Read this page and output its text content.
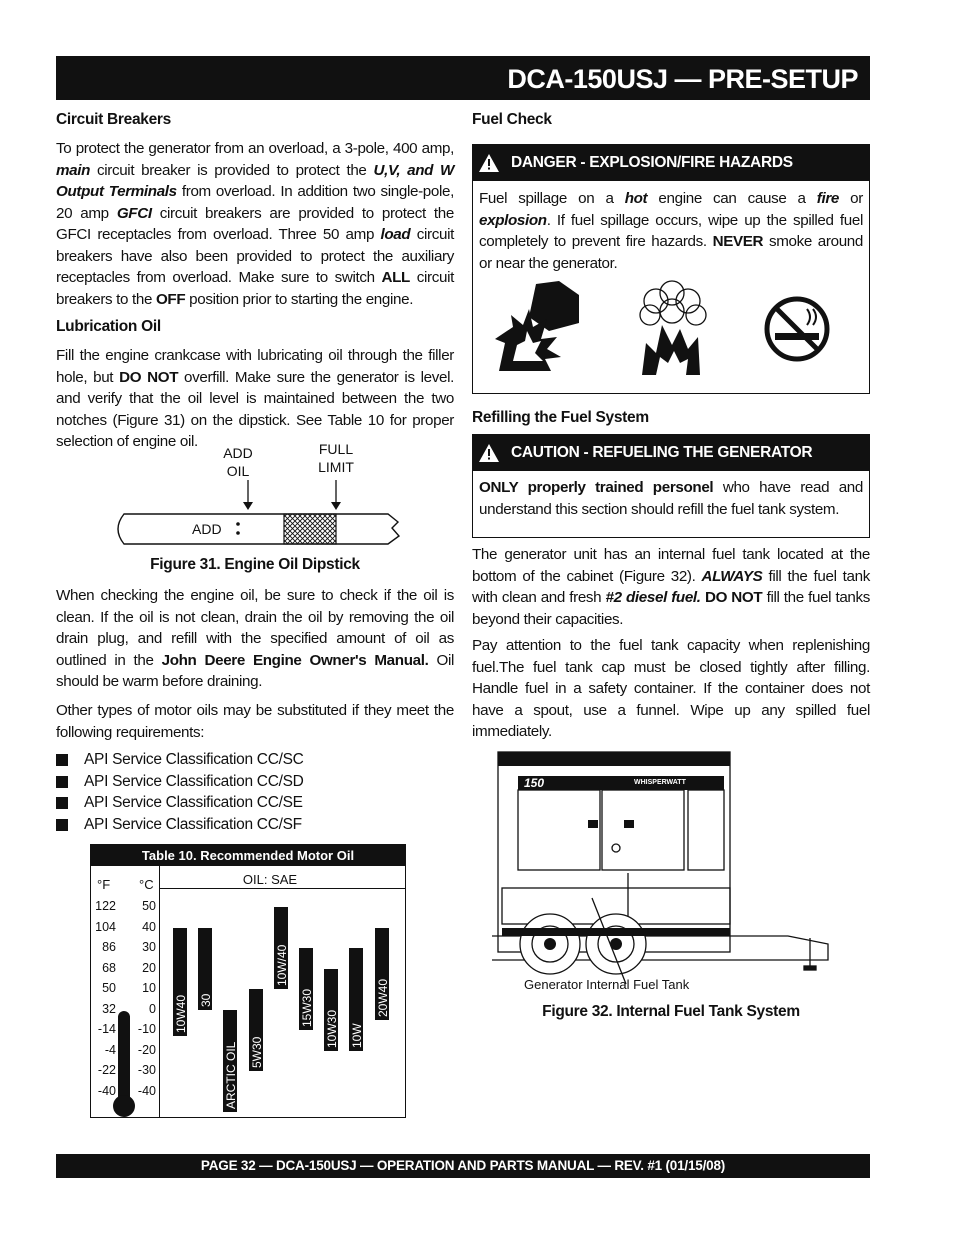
DCA-150USJ — PRE-SETUP
Circuit Breakers
To protect the generator from an overload, a 3-pole, 400 amp, main circuit breaker is provided to protect the U,V, and W Output Terminals from overload. In addition two single-pole, 20 amp GFCI circuit breakers are provided to protect the GFCI receptacles from overload. Three 50 amp load circuit breakers have also been provided to protect the auxiliary receptacles from overload. Make sure to switch ALL circuit breakers to the OFF position prior to starting the engine.
Lubrication Oil
Fill the engine crankcase with lubricating oil through the filler hole, but DO NOT overfill. Make sure the generator is level. and verify that the oil level is maintained between the two notches (Figure 31) on the dipstick. See Table 10 for proper selection of engine oil.
ADD
OIL
FULL
LIMIT
ADD
Figure 31. Engine Oil Dipstick
When checking the engine oil, be sure to check if the oil is clean. If the oil is not clean, drain the oil by removing the oil drain plug, and refill with the specified amount of oil as outlined in the John Deere Engine Owner's Manual. Oil should be warm before draining.
Other types of motor oils may be substituted if they meet the following requirements:
API Service Classification CC/SC
API Service Classification CC/SD
API Service Classification CC/SE
API Service Classification CC/SF
Table 10. Recommended Motor Oil
°F °C	OIL: SAE
122
104
86
68
50
32
-14
-4
-22
-40
50
40
30
20
10
0
-10
-20
-30
-40
10W40 30
ARCTIC OIL 5W30
10W/40
15W30
10W30 10W
20W40
Fuel Check
DANGER - EXPLOSION/FIRE HAZARDS
Fuel spillage on a hot engine can cause a fire or explosion. If fuel spillage occurs, wipe up the spilled fuel completely to prevent fire hazards. NEVER smoke around or near the generator.
Refilling the Fuel System
CAUTION - REFUELING THE GENERATOR
ONLY properly trained personel who have read and understand this section should refill the fuel tank system.
The generator unit has an internal fuel tank located at the bottom of the cabinet (Figure 32). ALWAYS fill the fuel tank with clean and fresh #2 diesel fuel. DO NOT fill the fuel tanks beyond their capacities.
Pay attention to the fuel tank capacity when replenishing fuel.The fuel tank cap must be closed tightly after filling. Handle fuel in a safety container. If the container does not have a spout, use a funnel. Wipe up any spilled fuel immediately.
150	WHISPERWATT
Generator Internal Fuel Tank
Figure 32. Internal Fuel Tank System
PAGE 32 — DCA-150USJ — OPERATION AND PARTS MANUAL — REV. #1 (01/15/08)
